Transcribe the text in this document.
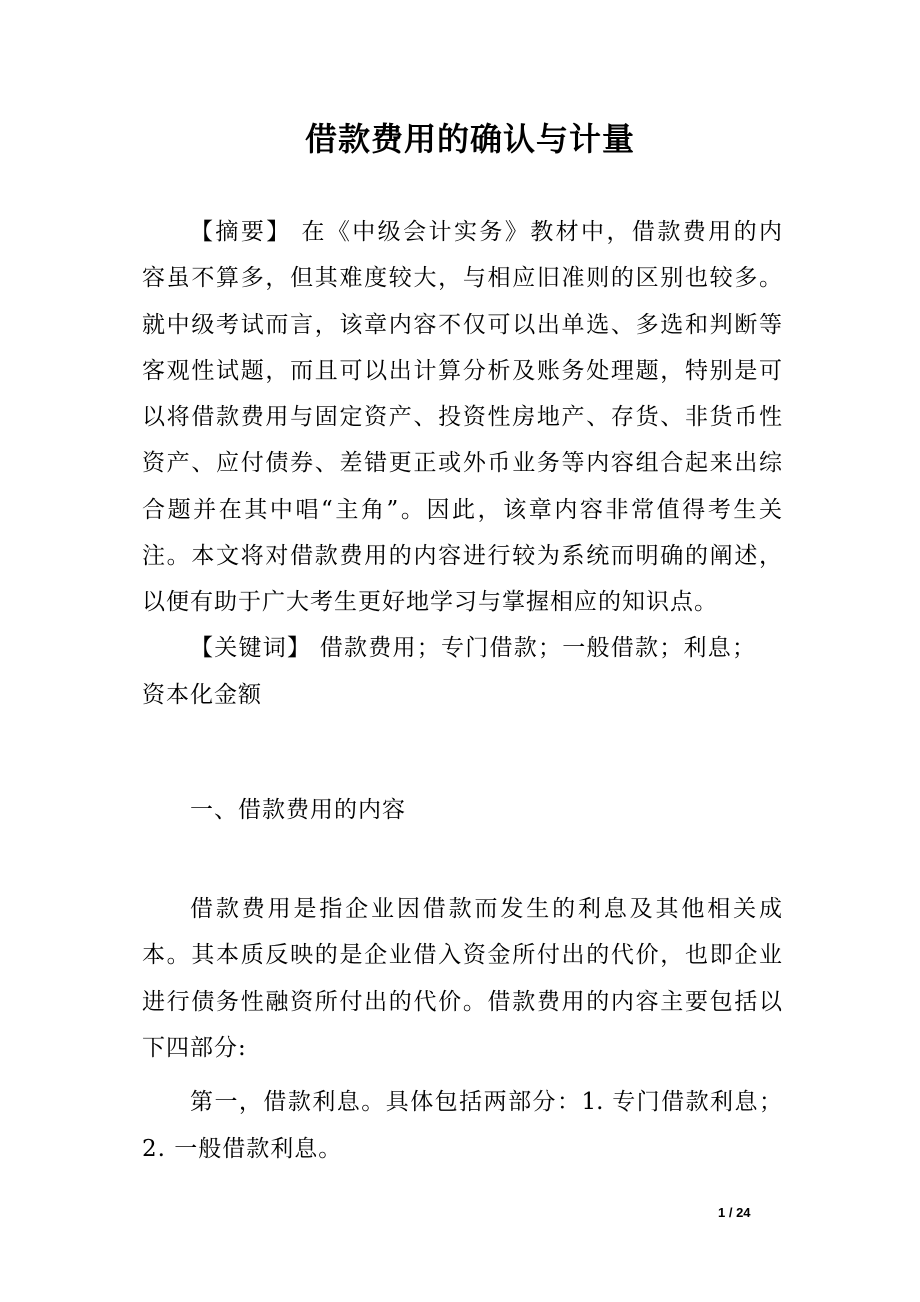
借款费用的确认与计量
【摘要】 在《中级会计实务》教材中，借款费用的内
容虽不算多，但其难度较大，与相应旧准则的区别也较多。
就中级考试而言，该章内容不仅可以出单选、多选和判断等
客观性试题，而且可以出计算分析及账务处理题，特别是可
以将借款费用与固定资产、投资性房地产、存货、非货币性
资产、应付债券、差错更正或外币业务等内容组合起来出综
合题并在其中唱“主角”。因此，该章内容非常值得考生关
注。本文将对借款费用的内容进行较为系统而明确的阐述，
以便有助于广大考生更好地学习与掌握相应的知识点。
【关键词】 借款费用；专门借款；一般借款；利息；
资本化金额
一、借款费用的内容
借款费用是指企业因借款而发生的利息及其他相关成
本。其本质反映的是企业借入资金所付出的代价，也即企业
进行债务性融资所付出的代价。借款费用的内容主要包括以
下四部分:
第一，借款利息。具体包括两部分：1. 专门借款利息；
2. 一般借款利息。
1 / 24
